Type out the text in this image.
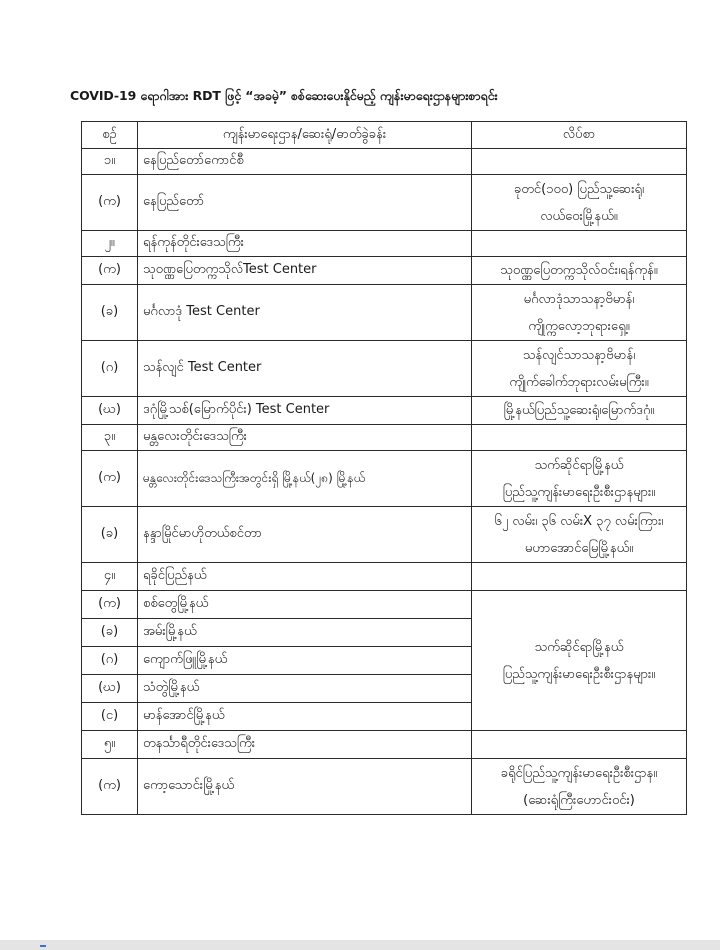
COVID-19 ရောဂါအား RDT ဖြင့် “အခမဲ့” စစ်ဆေးပေးနိုင်မည့် ကျန်းမာရေးဌာနများစာရင်း
စဉ်	ကျန်းမာရေးဌာန/ဆေးရုံ/ဓာတ်ခွဲခန်း	လိပ်စာ
၁။	နေပြည်တော်ကောင်စီ	
(က)	နေပြည်တော်	ခုတင်(၁၀၀) ပြည်သူ့ဆေးရုံ၊
လယ်ဝေးမြို့နယ်။

၂။	ရန်ကုန်တိုင်းဒေသကြီး	
(က)	သုဝဏ္ဏပြေတက္ကသိုလ်Test Center	သုဝဏ္ဏပြေတက္ကသိုလ်ဝင်း၊ရန်ကုန်။

(ခ)	မင်္ဂလာဒုံ Test Center	မင်္ဂလာဒုံသာသနာ့ဗိမာန်၊
ကျိုက္ကလော့ဘုရားရှေ့။

(ဂ)	သန်လျင် Test Center	သန်လျင်သာသနာ့ဗိမာန်၊
ကျိုက်ခေါက်ဘုရားလမ်းမကြီး။

(ဃ)	ဒဂုံမြို့သစ်(မြောက်ပိုင်း) Test Center	မြို့နယ်ပြည်သူ့ဆေးရုံ၊မြောက်ဒဂုံ။

၃။	မန္တလေးတိုင်းဒေသကြီး	
(က)	မန္တလေးတိုင်းဒေသကြီးအတွင်းရှိ မြို့နယ်(၂၈) မြို့နယ်	သက်ဆိုင်ရာမြို့နယ်
ပြည်သူ့ကျန်းမာရေးဦးစီးဌာနများ။

(ခ)	နန္ဒာမြိုင်မာဟိုတယ်စင်တာ	၆၂ လမ်း၊ ၃၆ လမ်းX ၃၇ လမ်းကြား၊
မဟာအောင်မြေမြို့နယ်။

၄။	ရခိုင်ပြည်နယ်	
(က)	စစ်တွေမြို့နယ်	သက်ဆိုင်ရာမြို့နယ်
ပြည်သူ့ကျန်းမာရေးဦးစီးဌာနများ။

(ခ)	အမ်းမြို့နယ်	
(ဂ)	ကျောက်ဖြူမြို့နယ်	
(ဃ)	သံတွဲမြို့နယ်	
(င)	မာန်အောင်မြို့နယ်	
၅။	တနင်္သာရီတိုင်းဒေသကြီး	
(က)	ကော့သောင်းမြို့နယ်	ခရိုင်ပြည်သူ့ကျန်းမာရေးဦးစီးဌာန။
(ဆေးရုံကြီးဟောင်းဝင်း)
